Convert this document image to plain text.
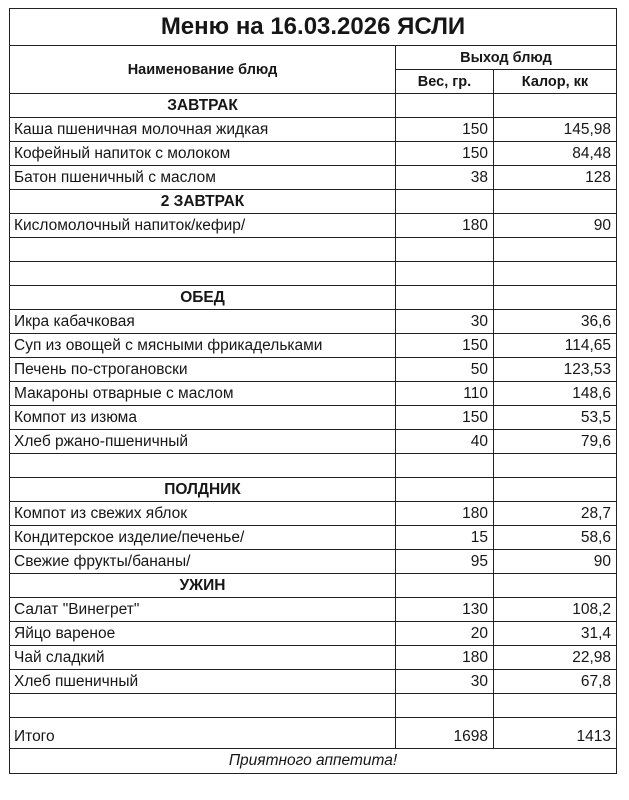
Меню на 16.03.2026 ЯСЛИ		
Наименование блюд	Выход блюд	
	Вес, гр.	Калор, кк
ЗАВТРАК		
Каша пшеничная молочная жидкая	150	145,98
Кофейный напиток с молоком	150	84,48
Батон пшеничный с маслом	38	128
2 ЗАВТРАК		
Кисломолочный напиток/кефир/	180	90

ОБЕД		
Икра кабачковая	30	36,6
Суп из овощей с мясными фрикадельками	150	114,65
Печень по-строгановски	50	123,53
Макароны отварные с маслом	110	148,6
Компот из изюма	150	53,5
Хлеб ржано-пшеничный	40	79,6

ПОЛДНИК		
Компот из свежих яблок	180	28,7
Кондитерское изделие/печенье/	15	58,6
Свежие фрукты/бананы/	95	90
УЖИН		
Салат "Винегрет"	130	108,2
Яйцо вареное	20	31,4
Чай сладкий	180	22,98
Хлеб пшеничный	30	67,8

Итого	1698	1413
Приятного аппетита!		
